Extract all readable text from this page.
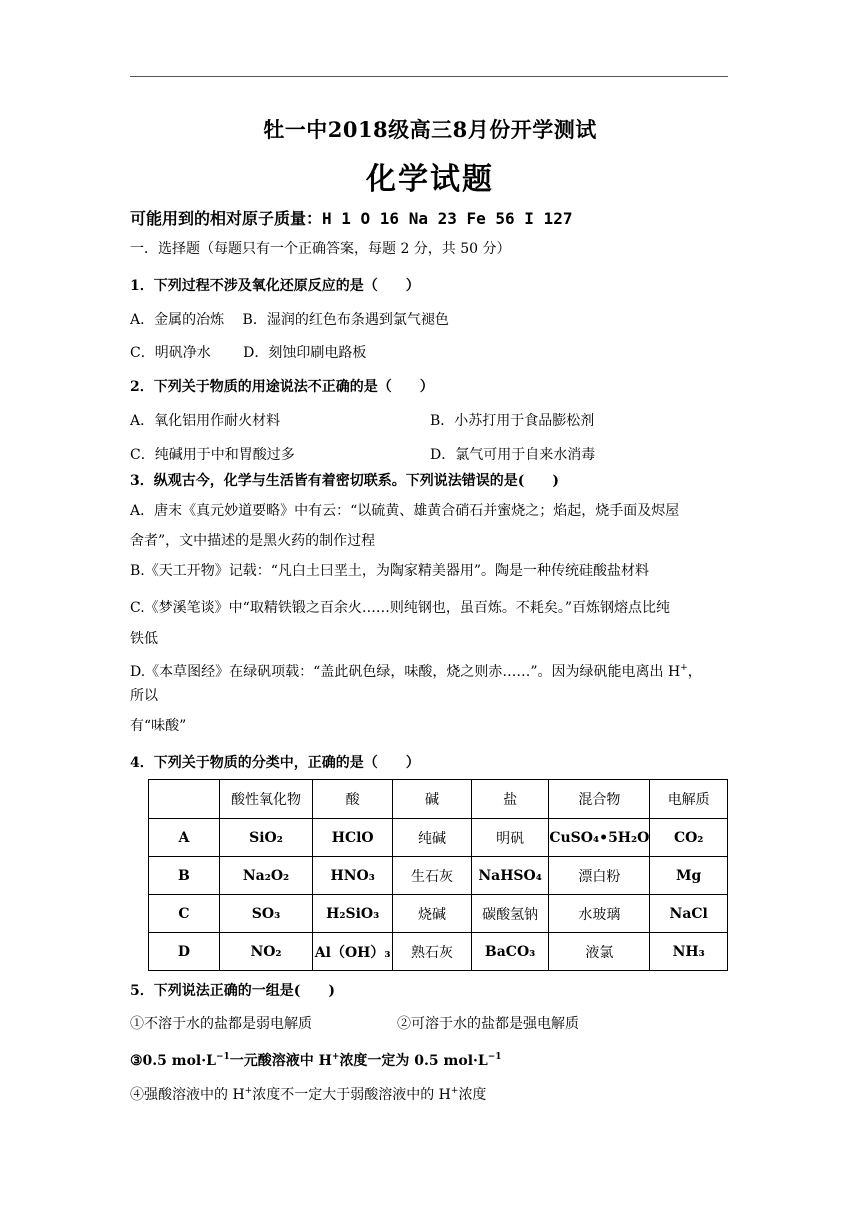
牡一中2018级高三8月份开学测试
化学试题
可能用到的相对原子质量：H 1 O 16 Na 23 Fe 56 I 127
一．选择题（每题只有一个正确答案，每题 2 分，共 50 分）
1．下列过程不涉及氧化还原反应的是（　　）
A．金属的冶炼　 B．湿润的红色布条遇到氯气褪色
C．明矾净水　　 D．刻蚀印刷电路板
2．下列关于物质的用途说法不正确的是（　　）
A．氧化铝用作耐火材料	B．小苏打用于食品膨松剂
C．纯碱用于中和胃酸过多	D．氯气可用于自来水消毒
3．纵观古今，化学与生活皆有着密切联系。下列说法错误的是(　　)
A．唐末《真元妙道要略》中有云：“以硫黄、雄黄合硝石并蜜烧之；焰起，烧手面及烬屋
舍者”，文中描述的是黑火药的制作过程
B.《天工开物》记载：“凡白土曰垩土，为陶家精美器用”。陶是一种传统硅酸盐材料
C.《梦溪笔谈》中“取精铁锻之百余火……则纯钢也，虽百炼。不耗矣。”百炼钢熔点比纯
铁低
D.《本草图经》在绿矾项载：“盖此矾色绿，味酸，烧之则赤……”。因为绿矾能电离出 H+，
所以
有“味酸”
4．下列关于物质的分类中，正确的是（　　）
	酸性氧化物	酸	碱	盐	混合物	电解质
A	SiO₂	HClO	纯碱	明矾	CuSO₄•5H₂O	CO₂
B	Na₂O₂	HNO₃	生石灰	NaHSO₄	漂白粉	Mg
C	SO₃	H₂SiO₃	烧碱	碳酸氢钠	水玻璃	NaCl
D	NO₂	Al（OH）₃	熟石灰	BaCO₃	液氯	NH₃
5．下列说法正确的一组是(　　)
①不溶于水的盐都是弱电解质	②可溶于水的盐都是强电解质
③0.5 $mol\cdot L^{-1}$一元酸溶液中 H+浓度一定为 0.5 $mol\cdot L^{-1}$
④强酸溶液中的 H+浓度不一定大于弱酸溶液中的 H+浓度
